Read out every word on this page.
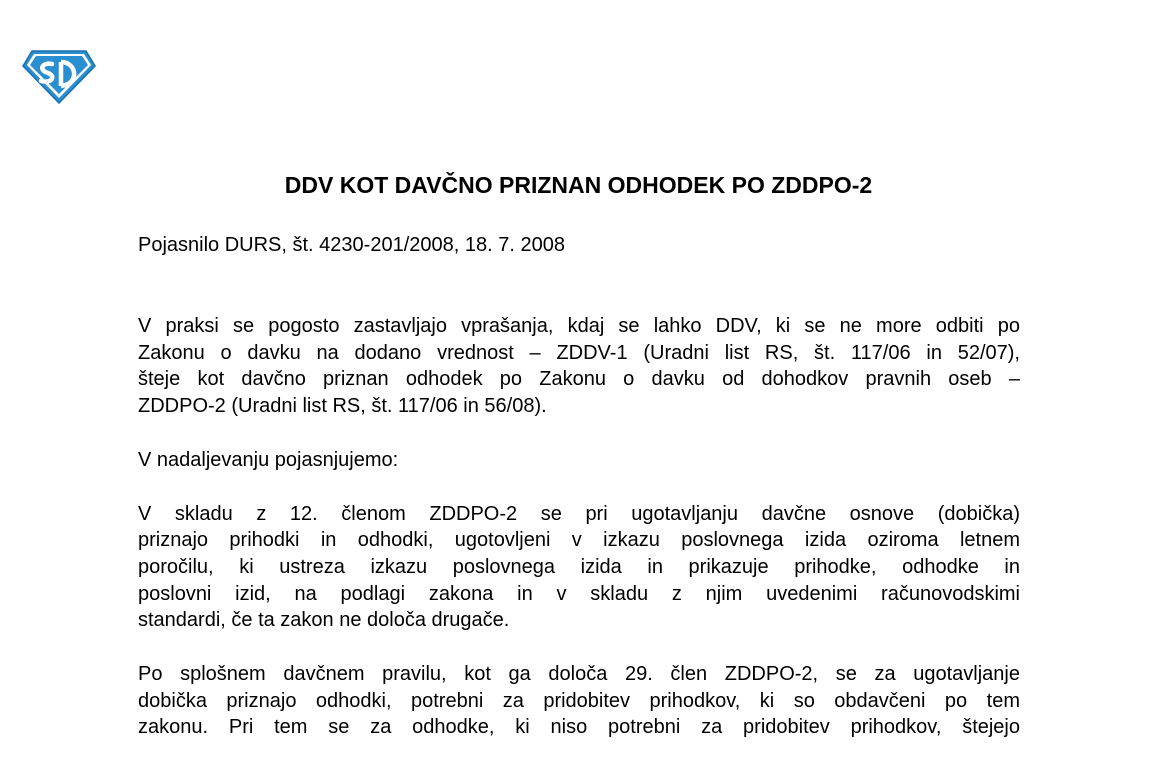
DDV KOT DAVČNO PRIZNAN ODHODEK PO ZDDPO-2

Pojasnilo DURS, št. 4230-201/2008, 18. 7. 2008

V praksi se pogosto zastavljajo vprašanja, kdaj se lahko DDV, ki se ne more odbiti po
Zakonu o davku na dodano vrednost – ZDDV-1 (Uradni list RS, št. 117/06 in 52/07),
šteje kot davčno priznan odhodek po Zakonu o davku od dohodkov pravnih oseb –
ZDDPO-2 (Uradni list RS, št. 117/06 in 56/08).

V nadaljevanju pojasnjujemo:

V skladu z 12. členom ZDDPO-2 se pri ugotavljanju davčne osnove (dobička)
priznajo prihodki in odhodki, ugotovljeni v izkazu poslovnega izida oziroma letnem
poročilu, ki ustreza izkazu poslovnega izida in prikazuje prihodke, odhodke in
poslovni izid, na podlagi zakona in v skladu z njim uvedenimi računovodskimi
standardi, če ta zakon ne določa drugače.

Po splošnem davčnem pravilu, kot ga določa 29. člen ZDDPO-2, se za ugotavljanje
dobička priznajo odhodki, potrebni za pridobitev prihodkov, ki so obdavčeni po tem
zakonu. Pri tem se za odhodke, ki niso potrebni za pridobitev prihodkov, štejejo
